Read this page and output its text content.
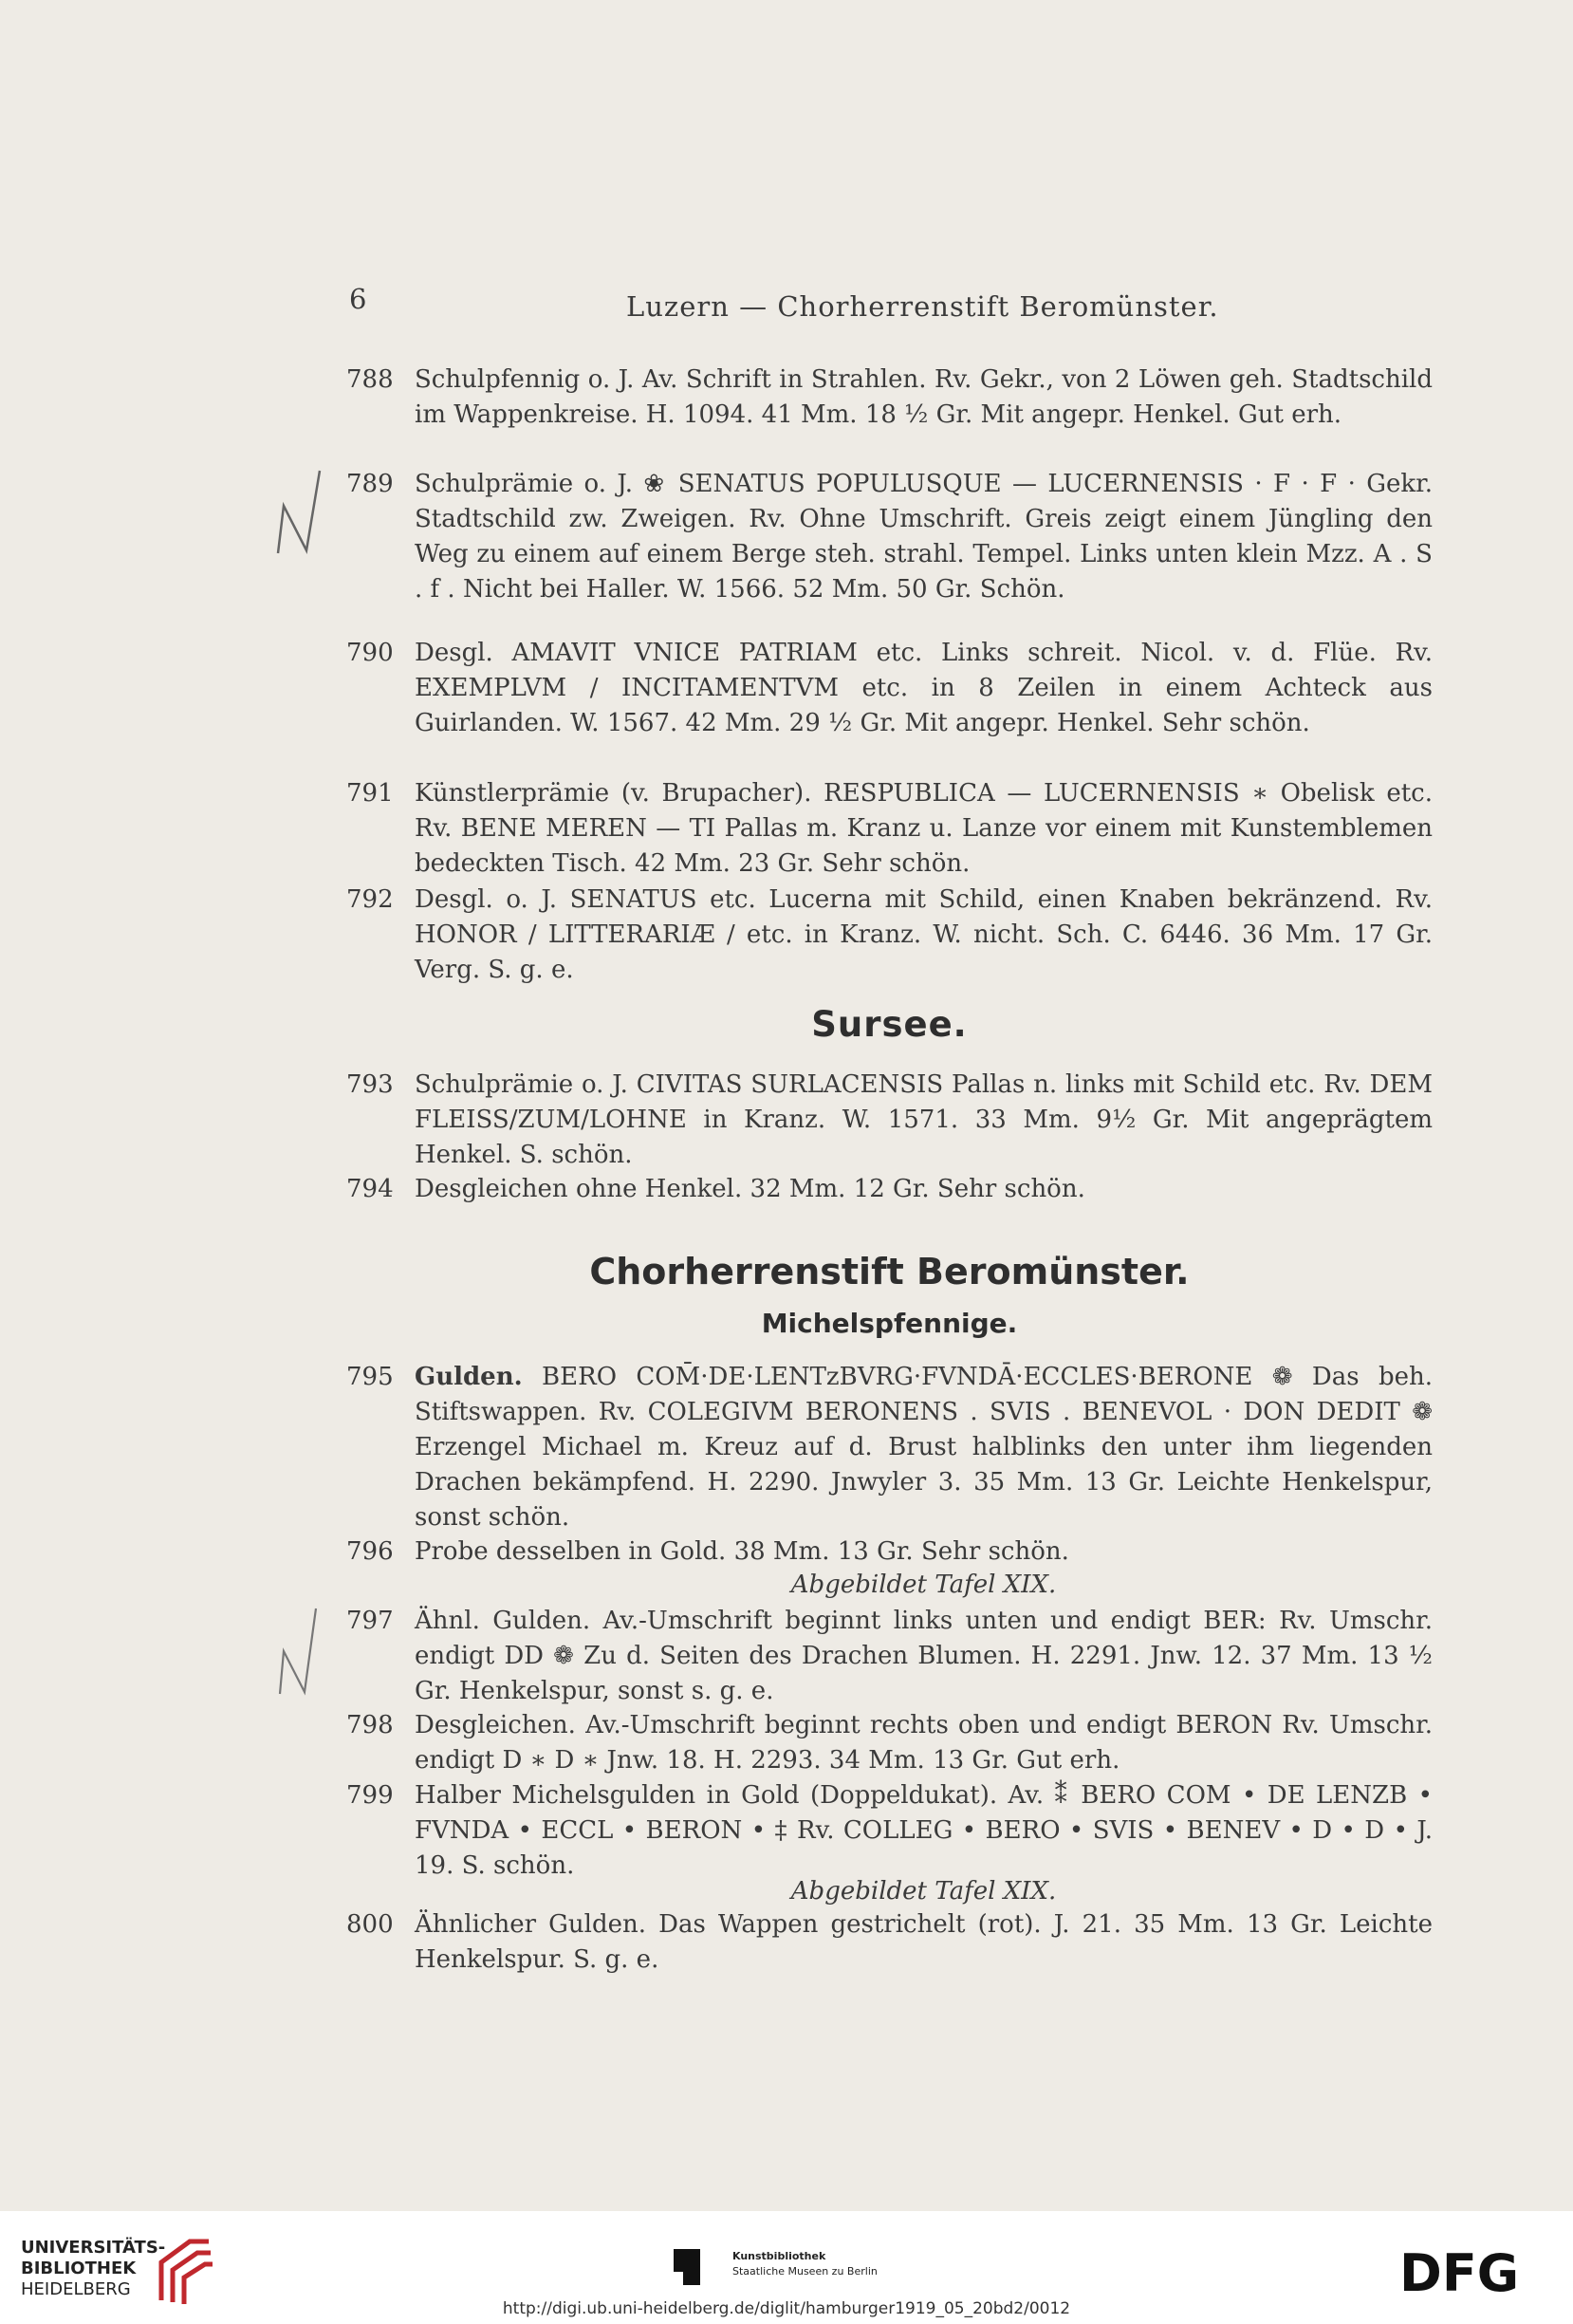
6	Luzern — Chorherrenstift Beromünster.
788 Schulpfennig o. J. Av. Schrift in Strahlen. Rv. Gekr., von 2 Löwen geh. Stadtschild im Wappenkreise. H. 1094. 41 Mm. 18 ½ Gr. Mit angepr. Henkel. Gut erh.
789 Schulprämie o. J. ❀ SENATUS POPULUSQUE — LUCERNENSIS · F · F · Gekr. Stadtschild zw. Zweigen. Rv. Ohne Umschrift. Greis zeigt einem Jüngling den Weg zu einem auf einem Berge steh. strahl. Tempel. Links unten klein Mzz. A . S . f . Nicht bei Haller. W. 1566. 52 Mm. 50 Gr. Schön.
790 Desgl. AMAVIT VNICE PATRIAM etc. Links schreit. Nicol. v. d. Flüe. Rv. EXEMPLVM / INCITAMENTVM etc. in 8 Zeilen in einem Achteck aus Guirlanden. W. 1567. 42 Mm. 29 ½ Gr. Mit angepr. Henkel. Sehr schön.
791 Künstlerprämie (v. Brupacher). RESPUBLICA — LUCERNENSIS ∗ Obelisk etc. Rv. BENE MEREN — TI Pallas m. Kranz u. Lanze vor einem mit Kunstemblemen bedeckten Tisch. 42 Mm. 23 Gr. Sehr schön.
792 Desgl. o. J. SENATUS etc. Lucerna mit Schild, einen Knaben bekränzend. Rv. HONOR / LITTERARIÆ / etc. in Kranz. W. nicht. Sch. C. 6446. 36 Mm. 17 Gr. Verg. S. g. e.
Sursee.
793 Schulprämie o. J. CIVITAS SURLACENSIS Pallas n. links mit Schild etc. Rv. DEM FLEISS/ZUM/LOHNE in Kranz. W. 1571. 33 Mm. 9½ Gr. Mit angeprägtem Henkel. S. schön.
794 Desgleichen ohne Henkel. 32 Mm. 12 Gr. Sehr schön.
Chorherrenstift Beromünster.
Michelspfennige.
795 Gulden. BERO COM̄·DE·LENTzBVRG·FVNDĀ·ECCLES·BERONE ❁ Das beh. Stiftswappen. Rv. COLEGIVM BERONENS . SVIS . BENEVOL · DON DEDIT ❁ Erzengel Michael m. Kreuz auf d. Brust halblinks den unter ihm liegenden Drachen bekämpfend. H. 2290. Jnwyler 3. 35 Mm. 13 Gr. Leichte Henkelspur, sonst schön.
796 Probe desselben in Gold. 38 Mm. 13 Gr. Sehr schön.
Abgebildet Tafel XIX.
797 Ähnl. Gulden. Av.-Umschrift beginnt links unten und endigt BER: Rv. Umschr. endigt DD ❁ Zu d. Seiten des Drachen Blumen. H. 2291. Jnw. 12. 37 Mm. 13 ½ Gr. Henkelspur, sonst s. g. e.
798 Desgleichen. Av.-Umschrift beginnt rechts oben und endigt BERON Rv. Umschr. endigt D ∗ D ∗ Jnw. 18. H. 2293. 34 Mm. 13 Gr. Gut erh.
799 Halber Michelsgulden in Gold (Doppeldukat). Av. ⁑ BERO COM • DE LENZB • FVNDA • ECCL • BERON • ‡ Rv. COLLEG • BERO • SVIS • BENEV • D • D • J. 19. S. schön.
Abgebildet Tafel XIX.
800 Ähnlicher Gulden. Das Wappen gestrichelt (rot). J. 21. 35 Mm. 13 Gr. Leichte Henkelspur. S. g. e.
UNIVERSITÄTS-
BIBLIOTHEK
HEIDELBERG
Kunstbibliothek
Staatliche Museen zu Berlin	DFG
http://digi.ub.uni-heidelberg.de/diglit/hamburger1919_05_20bd2/0012
